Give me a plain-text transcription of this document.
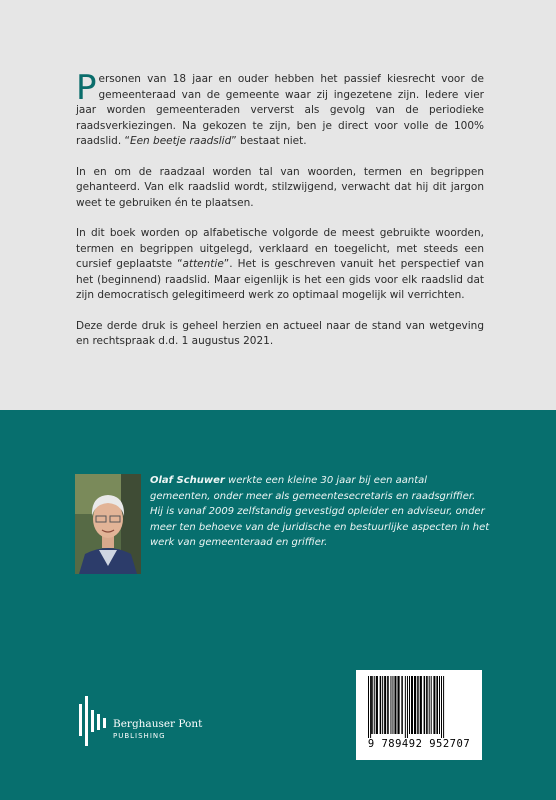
Personen van 18 jaar en ouder hebben het passief kiesrecht voor de gemeenteraad van de gemeente waar zij ingezetene zijn. Iedere vier jaar worden gemeenteraden ververst als gevolg van de periodieke raadsverkiezingen. Na gekozen te zijn, ben je direct voor volle de 100% raadslid. “Een beetje raadslid” bestaat niet.

In en om de raadzaal worden tal van woorden, termen en begrippen gehanteerd. Van elk raadslid wordt, stilzwijgend, verwacht dat hij dit jargon weet te gebruiken én te plaatsen.

In dit boek worden op alfabetische volgorde de meest gebruikte woorden, termen en begrippen uitgelegd, verklaard en toegelicht, met steeds een cursief geplaatste “attentie”. Het is geschreven vanuit het perspectief van het (beginnend) raadslid. Maar eigenlijk is het een gids voor elk raadslid dat zijn democratisch gelegitimeerd werk zo optimaal mogelijk wil verrichten.

Deze derde druk is geheel herzien en actueel naar de stand van wetgeving en rechtspraak d.d. 1 augustus 2021.

Olaf Schuwer werkte een kleine 30 jaar bij een aantal gemeenten, onder meer als gemeentesecretaris en raadsgriffier. Hij is vanaf 2009 zelfstandig gevestigd opleider en adviseur, onder meer ten behoeve van de juridische en bestuurlijke aspecten in het werk van gemeenteraad en griffier.
Berghauser Pont
PUBLISHING
9 789492 952707
